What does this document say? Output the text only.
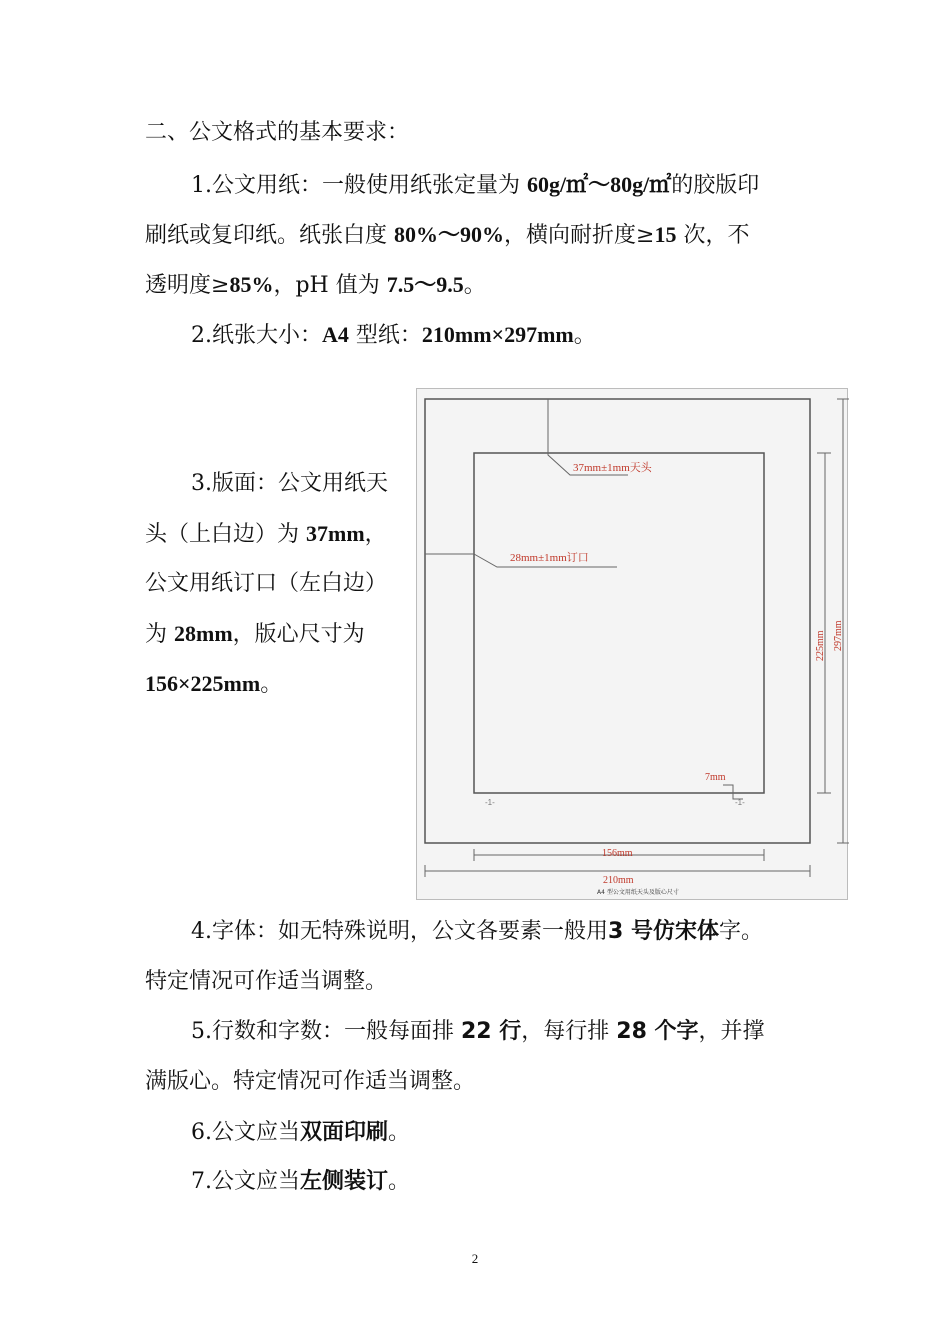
二、公文格式的基本要求：
1.公文用纸：一般使用纸张定量为 60g/㎡～80g/㎡的胶版印
刷纸或复印纸。纸张白度 80%～90%，横向耐折度≥15 次，不
透明度≥85%，pH 值为 7.5～9.5。
2.纸张大小：A4 型纸：210mm×297mm。
3.版面：公文用纸天
头（上白边）为 37mm，
公文用纸订口（左白边）
为 28mm，版心尺寸为
156×225mm。
37mm±1mm天头
28mm±1mm订口
7mm
156mm
210mm
225mm 297mm
-1-	-1-
A4 型公文用纸天头及版心尺寸
4.字体：如无特殊说明，公文各要素一般用3 号仿宋体字。
特定情况可作适当调整。
5.行数和字数：一般每面排 22 行，每行排 28 个字，并撑
满版心。特定情况可作适当调整。
6.公文应当双面印刷。
7.公文应当左侧装订。
2
